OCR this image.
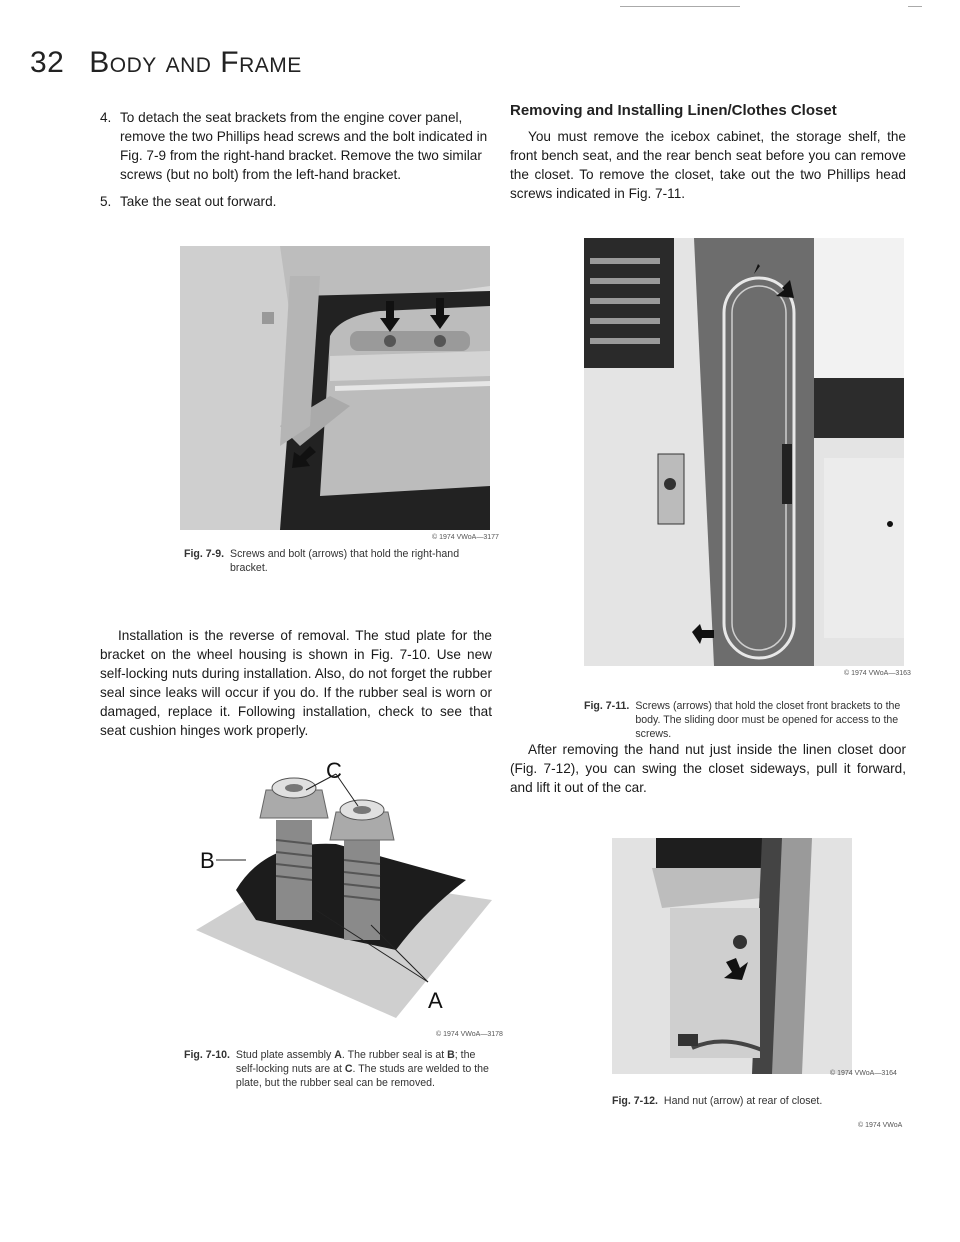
32 Body and Frame
4. To detach the seat brackets from the engine cover panel, remove the two Phillips head screws and the bolt indicated in Fig. 7-9 from the right-hand bracket. Remove the two similar screws (but no bolt) from the left-hand bracket.
5. Take the seat out forward.
© 1974 VWoA—3177
Fig. 7-9. Screws and bolt (arrows) that hold the right-hand bracket.

Installation is the reverse of removal. The stud plate for the bracket on the wheel housing is shown in Fig. 7-10. Use new self-locking nuts during installation. Also, do not forget the rubber seal since leaks will occur if you do. If the rubber seal is worn or damaged, replace it. Following installation, check to see that seat cushion hinges work properly.

C
B
A
© 1974 VWoA—3178
Fig. 7-10. Stud plate assembly A. The rubber seal is at B; the self-locking nuts are at C. The studs are welded to the plate, but the rubber seal can be removed.
Removing and Installing Linen/Clothes Closet

You must remove the icebox cabinet, the storage shelf, the front bench seat, and the rear bench seat before you can remove the closet. To remove the closet, take out the two Phillips head screws indicated in Fig. 7-11.

© 1974 VWoA—3163
Fig. 7-11. Screws (arrows) that hold the closet front brackets to the body. The sliding door must be opened for access to the screws.

After removing the hand nut just inside the linen closet door (Fig. 7-12), you can swing the closet sideways, pull it forward, and lift it out of the car.

© 1974 VWoA—3164
Fig. 7-12. Hand nut (arrow) at rear of closet.
© 1974 VWoA
